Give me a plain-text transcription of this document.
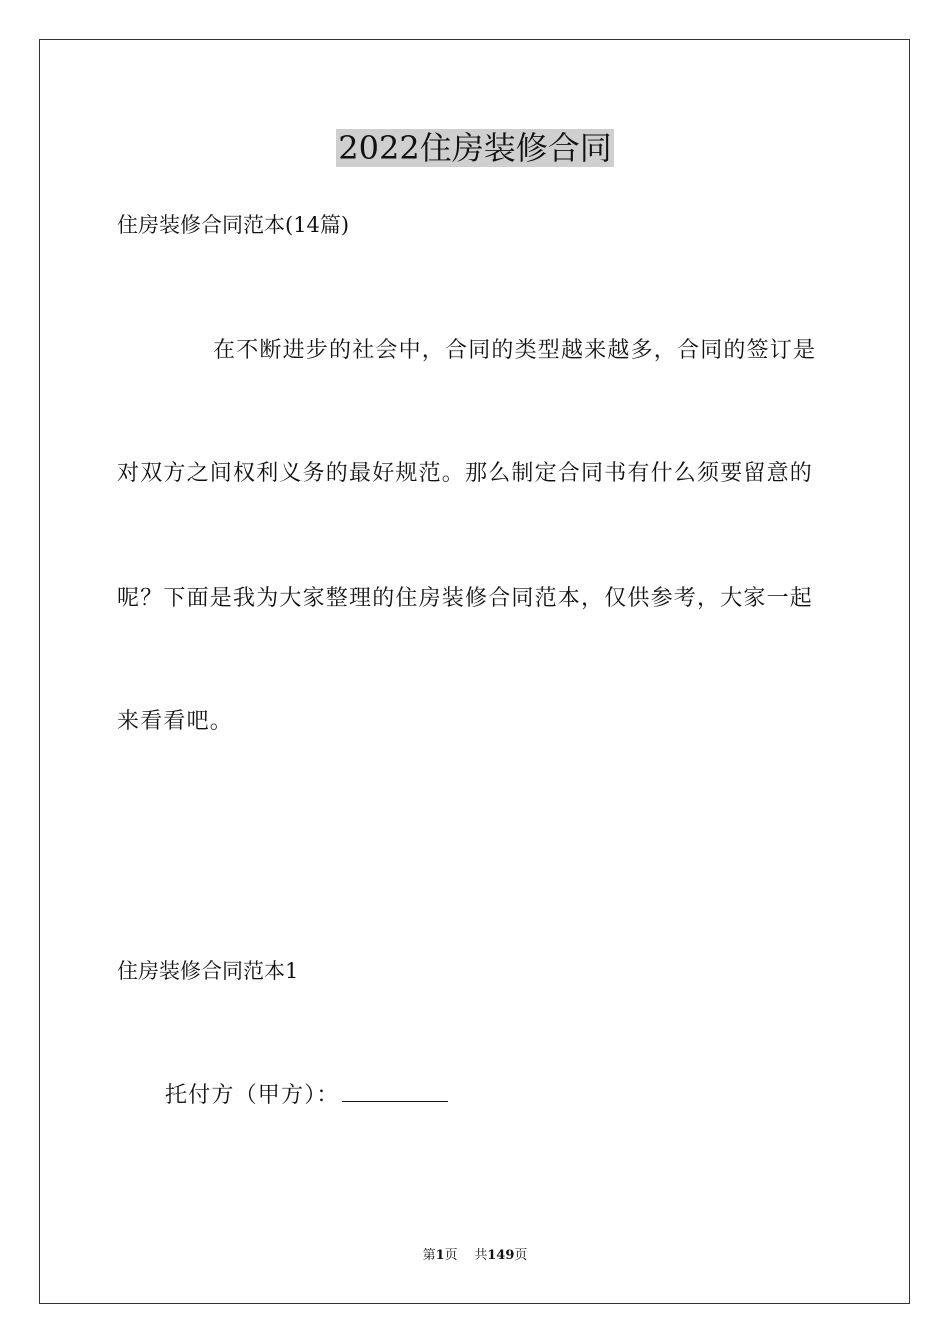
2022住房装修合同
住房装修合同范本(14篇)
在不断进步的社会中，合同的类型越来越多，合同的签订是
对双方之间权利义务的最好规范。那么制定合同书有什么须要留意的
呢？下面是我为大家整理的住房装修合同范本，仅供参考，大家一起
来看看吧。
住房装修合同范本1
托付方（甲方）：
第1页 共149页
